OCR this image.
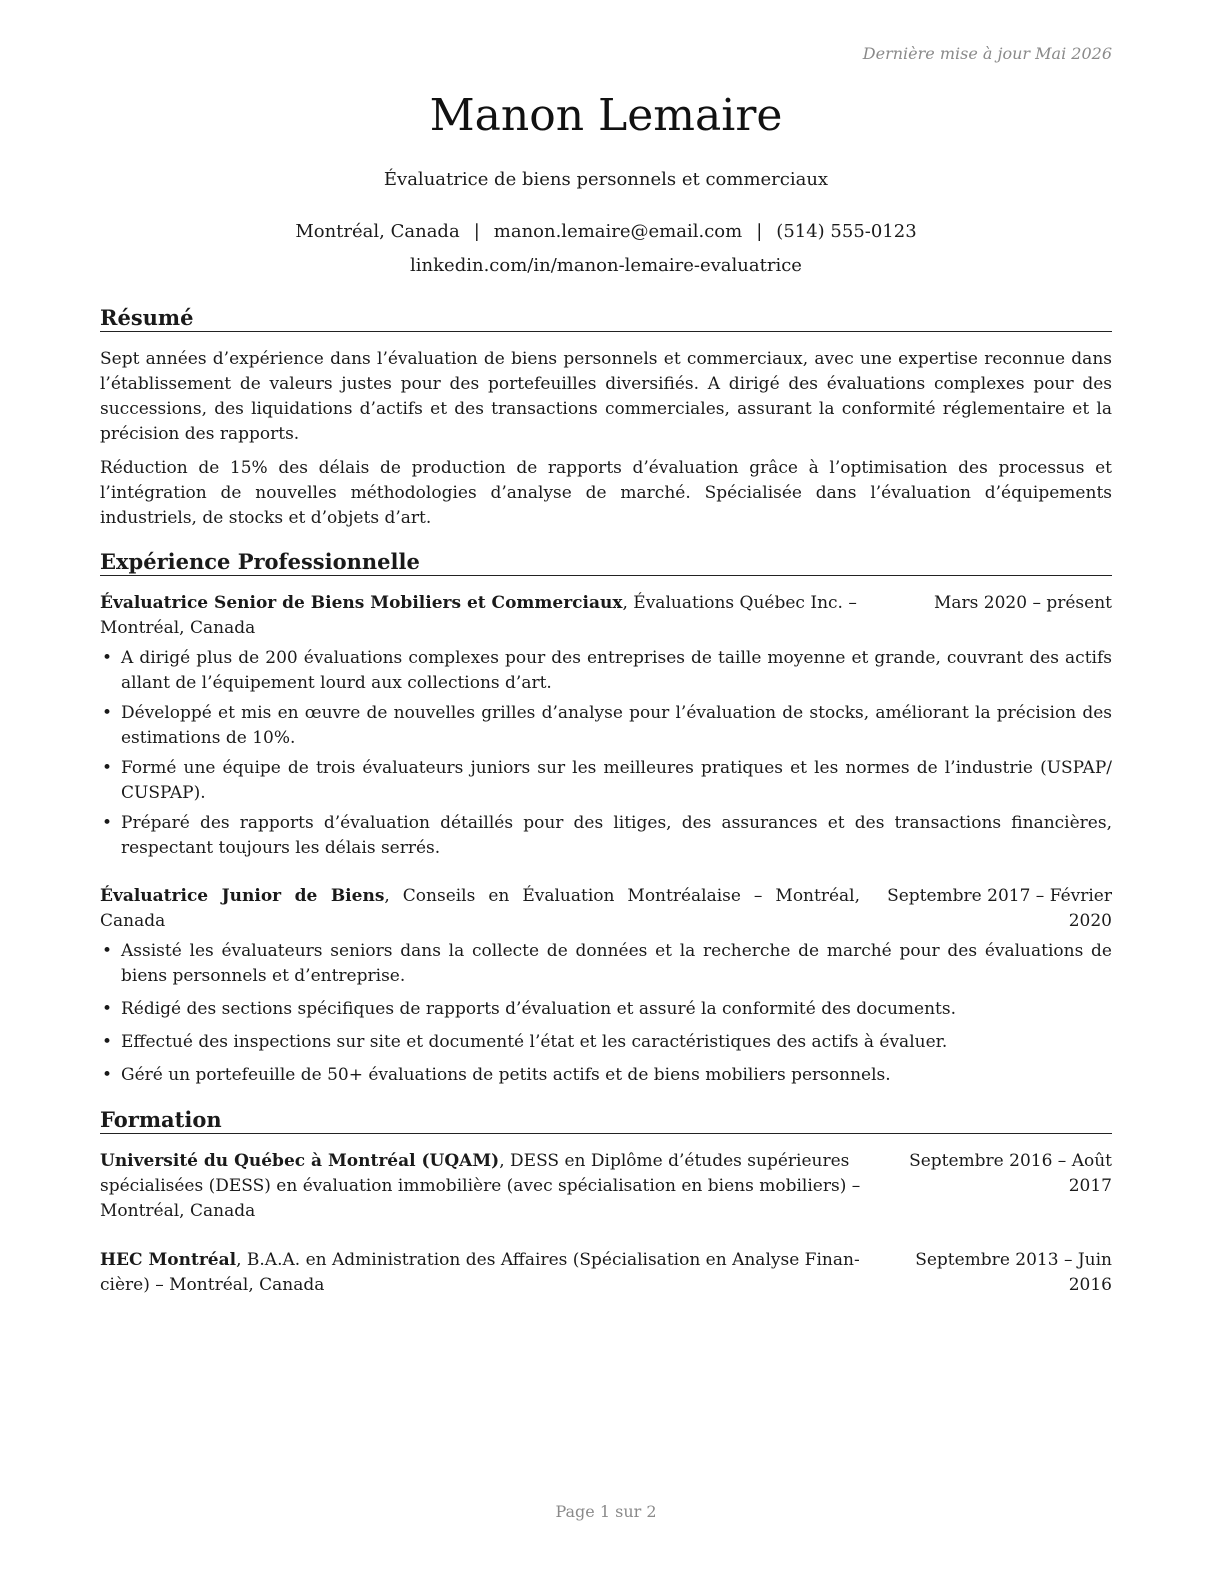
Dernière mise à jour Mai 2026
Manon Lemaire
Évaluatrice de biens personnels et commerciaux
Montréal, Canada | manon.lemaire@email.com | (514) 555-0123
linkedin.com/in/manon-lemaire-evaluatrice
Résumé

Sept années d’expérience dans l’évaluation de biens personnels et commerciaux, avec une expertise reconnue dans l’établissement de valeurs justes pour des portefeuilles diversifiés. A dirigé des évaluations complexes pour des successions, des liquidations d’actifs et des transactions commerciales, assurant la conformité réglementaire et la précision des rapports.

Réduction de 15% des délais de production de rapports d’évaluation grâce à l’optimisation des processus et l’intégration de nouvelles méthodologies d’analyse de marché. Spécialisée dans l’évaluation d’équipements industriels, de stocks et d’objets d’art.

Expérience Professionnelle
Évaluatrice Senior de Biens Mobiliers et Commerciaux, Évaluations Québec Inc. –
Montréal, Canada
Mars 2020 – présent
• A dirigé plus de 200 évaluations complexes pour des entreprises de taille moyenne et grande, couvrant des actifs allant de l’équipement lourd aux collections d’art.
• Développé et mis en œuvre de nouvelles grilles d’analyse pour l’évaluation de stocks, améliorant la précision des estimations de 10%.
• Formé une équipe de trois évaluateurs juniors sur les meilleures pratiques et les normes de l’industrie (USPAP/ CUSPAP).
• Préparé des rapports d’évaluation détaillés pour des litiges, des assurances et des transactions financières, respectant toujours les délais serrés.
Évaluatrice Junior de Biens, Conseils en Évaluation Montréalaise – Montréal, Canada
Septembre 2017 – Février
2020
• Assisté les évaluateurs seniors dans la collecte de données et la recherche de marché pour des évaluations de biens personnels et d’entreprise.
• Rédigé des sections spécifiques de rapports d’évaluation et assuré la conformité des documents.
• Effectué des inspections sur site et documenté l’état et les caractéristiques des actifs à évaluer.
• Géré un portefeuille de 50+ évaluations de petits actifs et de biens mobiliers personnels.
Formation
Université du Québec à Montréal (UQAM), DESS en Diplôme d’études supérieures
spécialisées (DESS) en évaluation immobilière (avec spécialisation en biens mobiliers) –
Montréal, Canada
Septembre 2016 – Août
2017
HEC Montréal, B.A.A. en Administration des Affaires (Spécialisation en Analyse Finan-
cière) – Montréal, Canada
Septembre 2013 – Juin
2016
Page 1 sur 2
